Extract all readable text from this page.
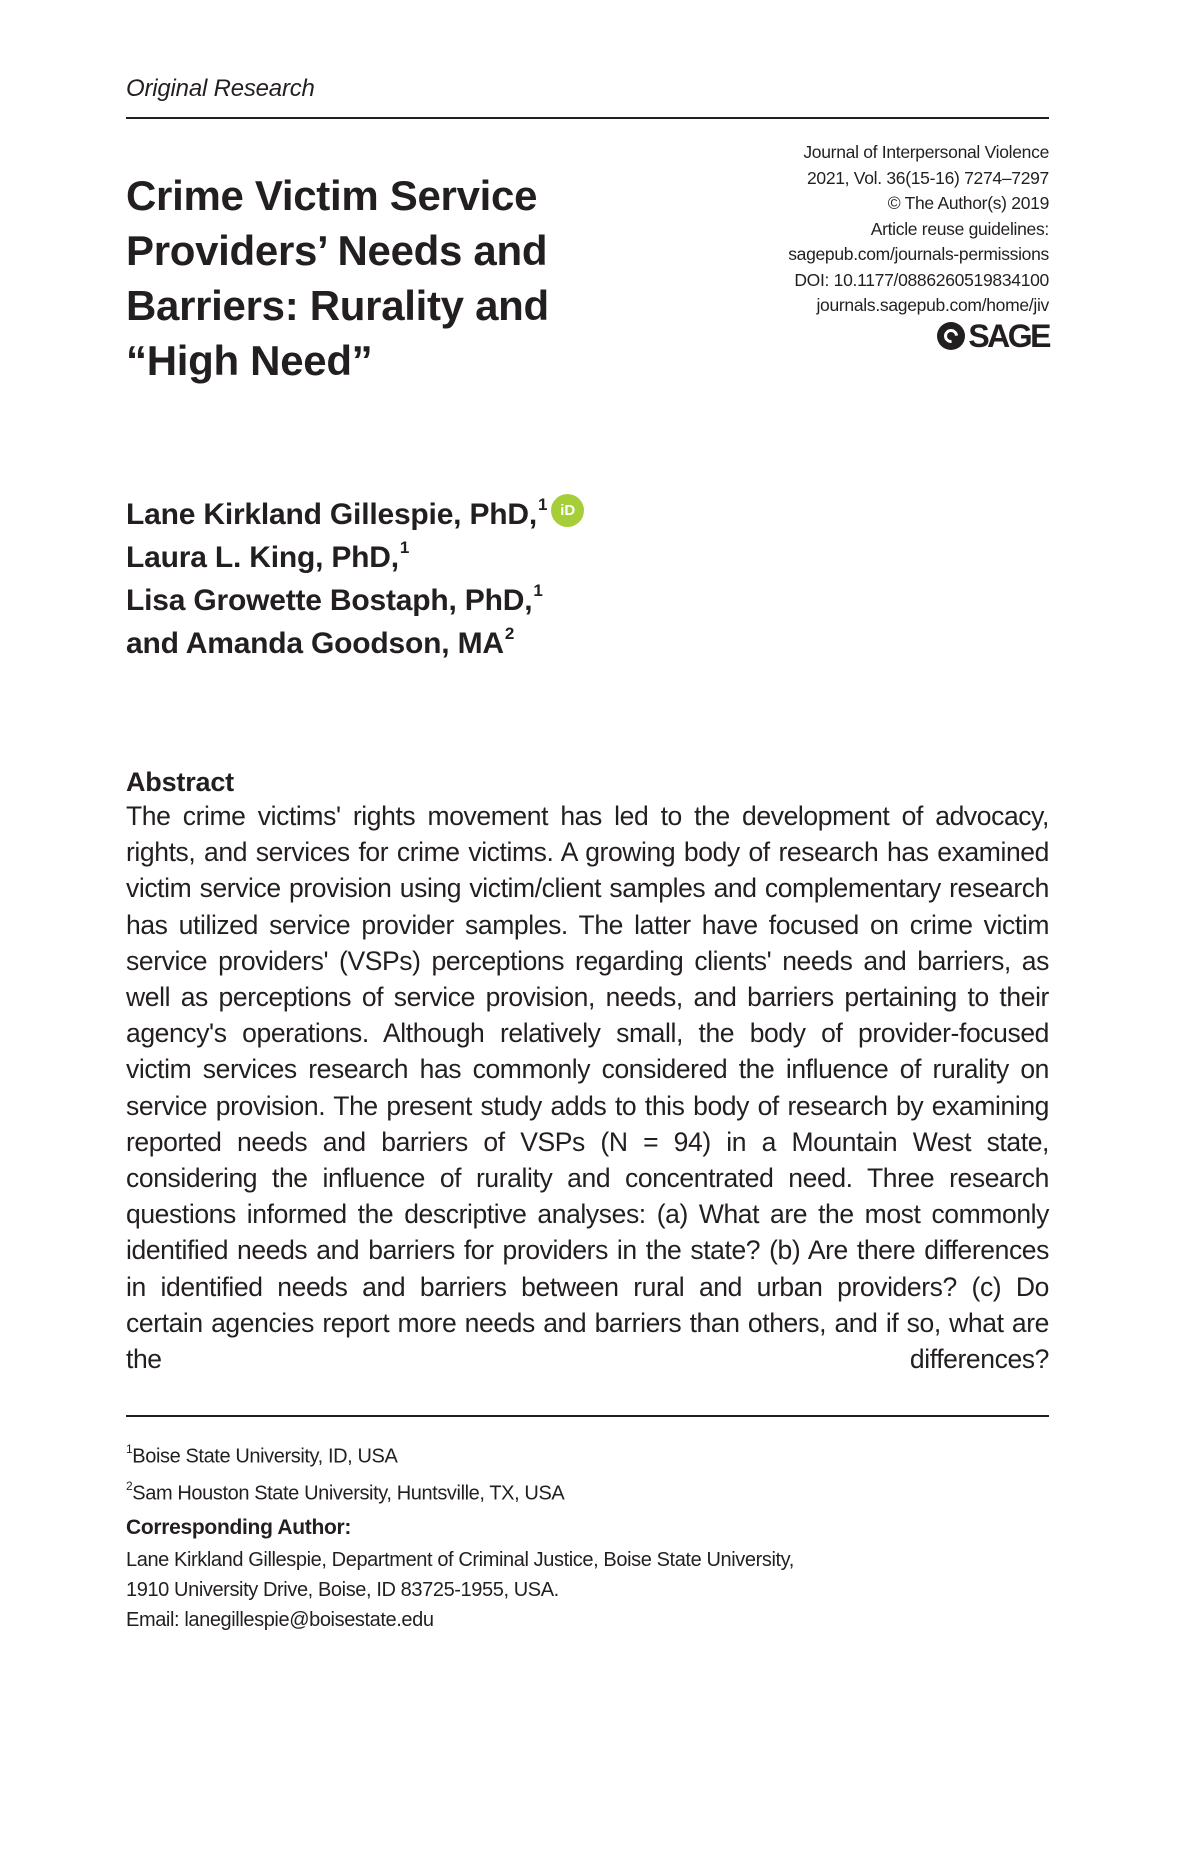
Original Research
Crime Victim Service
Providers’ Needs and
Barriers: Rurality and
“High Need”
Journal of Interpersonal Violence
2021, Vol. 36(15-16) 7274–7297
© The Author(s) 2019
Article reuse guidelines:
sagepub.com/journals-permissions
DOI: 10.1177/0886260519834100
journals.sagepub.com/home/jiv
SAGE
Lane Kirkland Gillespie, PhD,$^1$ iD
Laura L. King, PhD,$^1$
Lisa Growette Bostaph, PhD,$^1$
and Amanda Goodson, $MA^2$
Abstract

The crime victims' rights movement has led to the development of advocacy, rights, and services for crime victims. A growing body of research has examined victim service provision using victim/client samples and complementary research has utilized service provider samples. The latter have focused on crime victim service providers' (VSPs) perceptions regarding clients' needs and barriers, as well as perceptions of service provision, needs, and barriers pertaining to their agency's operations. Although relatively small, the body of provider-focused victim services research has commonly considered the influence of rurality on service provision. The present study adds to this body of research by examining reported needs and barriers of VSPs (N = 94) in a Mountain West state, considering the influence of rurality and concentrated need. Three research questions informed the descriptive analyses: (a) What are the most commonly identified needs and barriers for providers in the state? (b) Are there differences in identified needs and barriers between rural and urban providers? (c) Do certain agencies report more needs and barriers than others, and if so, what are the differences?

$^1$Boise State University, ID, USA
$^2$Sam Houston State University, Huntsville, TX, USA
Corresponding Author:
Lane Kirkland Gillespie, Department of Criminal Justice, Boise State University,
1910 University Drive, Boise, ID 83725-1955, USA.
Email: lanegillespie@boisestate.edu
